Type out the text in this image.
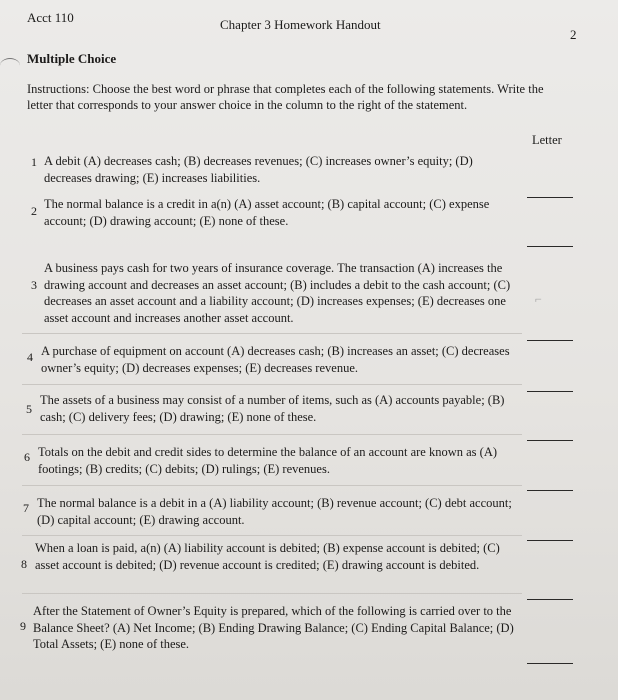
Acct 110	Chapter 3 Homework Handout
2
Multiple Choice
Instructions: Choose the best word or phrase that completes each of the following statements. Write the letter that corresponds to your answer choice in the column to the right of the statement.
Letter
1 A debit (A) decreases cash; (B) decreases revenues; (C) increases owner’s equity; (D) decreases drawing; (E) increases liabilities.
2 The normal balance is a credit in a(n) (A) asset account; (B) capital account; (C) expense account; (D) drawing account; (E) none of these.
3
A business pays cash for two years of insurance coverage. The transaction (A) increases the drawing account and decreases an asset account; (B) includes a debit to the cash account; (C) decreases an asset account and a liability account; (D) increases expenses; (E) decreases one asset account and increases another asset account.
⌐
4 A purchase of equipment on account (A) decreases cash; (B) increases an asset; (C) decreases owner’s equity; (D) decreases expenses; (E) decreases revenue.
5
The assets of a business may consist of a number of items, such as (A) accounts payable; (B) cash; (C) delivery fees; (D) drawing; (E) none of these.
6 Totals on the debit and credit sides to determine the balance of an account are known as (A) footings; (B) credits; (C) debits; (D) rulings; (E) revenues.
7 The normal balance is a debit in a (A) liability account; (B) revenue account; (C) debt account; (D) capital account; (E) drawing account.
8
When a loan is paid, a(n) (A) liability account is debited; (B) expense account is debited; (C) asset account is debited; (D) revenue account is credited; (E) drawing account is debited.
9
After the Statement of Owner’s Equity is prepared, which of the following is carried over to the Balance Sheet? (A) Net Income; (B) Ending Drawing Balance; (C) Ending Capital Balance; (D) Total Assets; (E) none of these.
